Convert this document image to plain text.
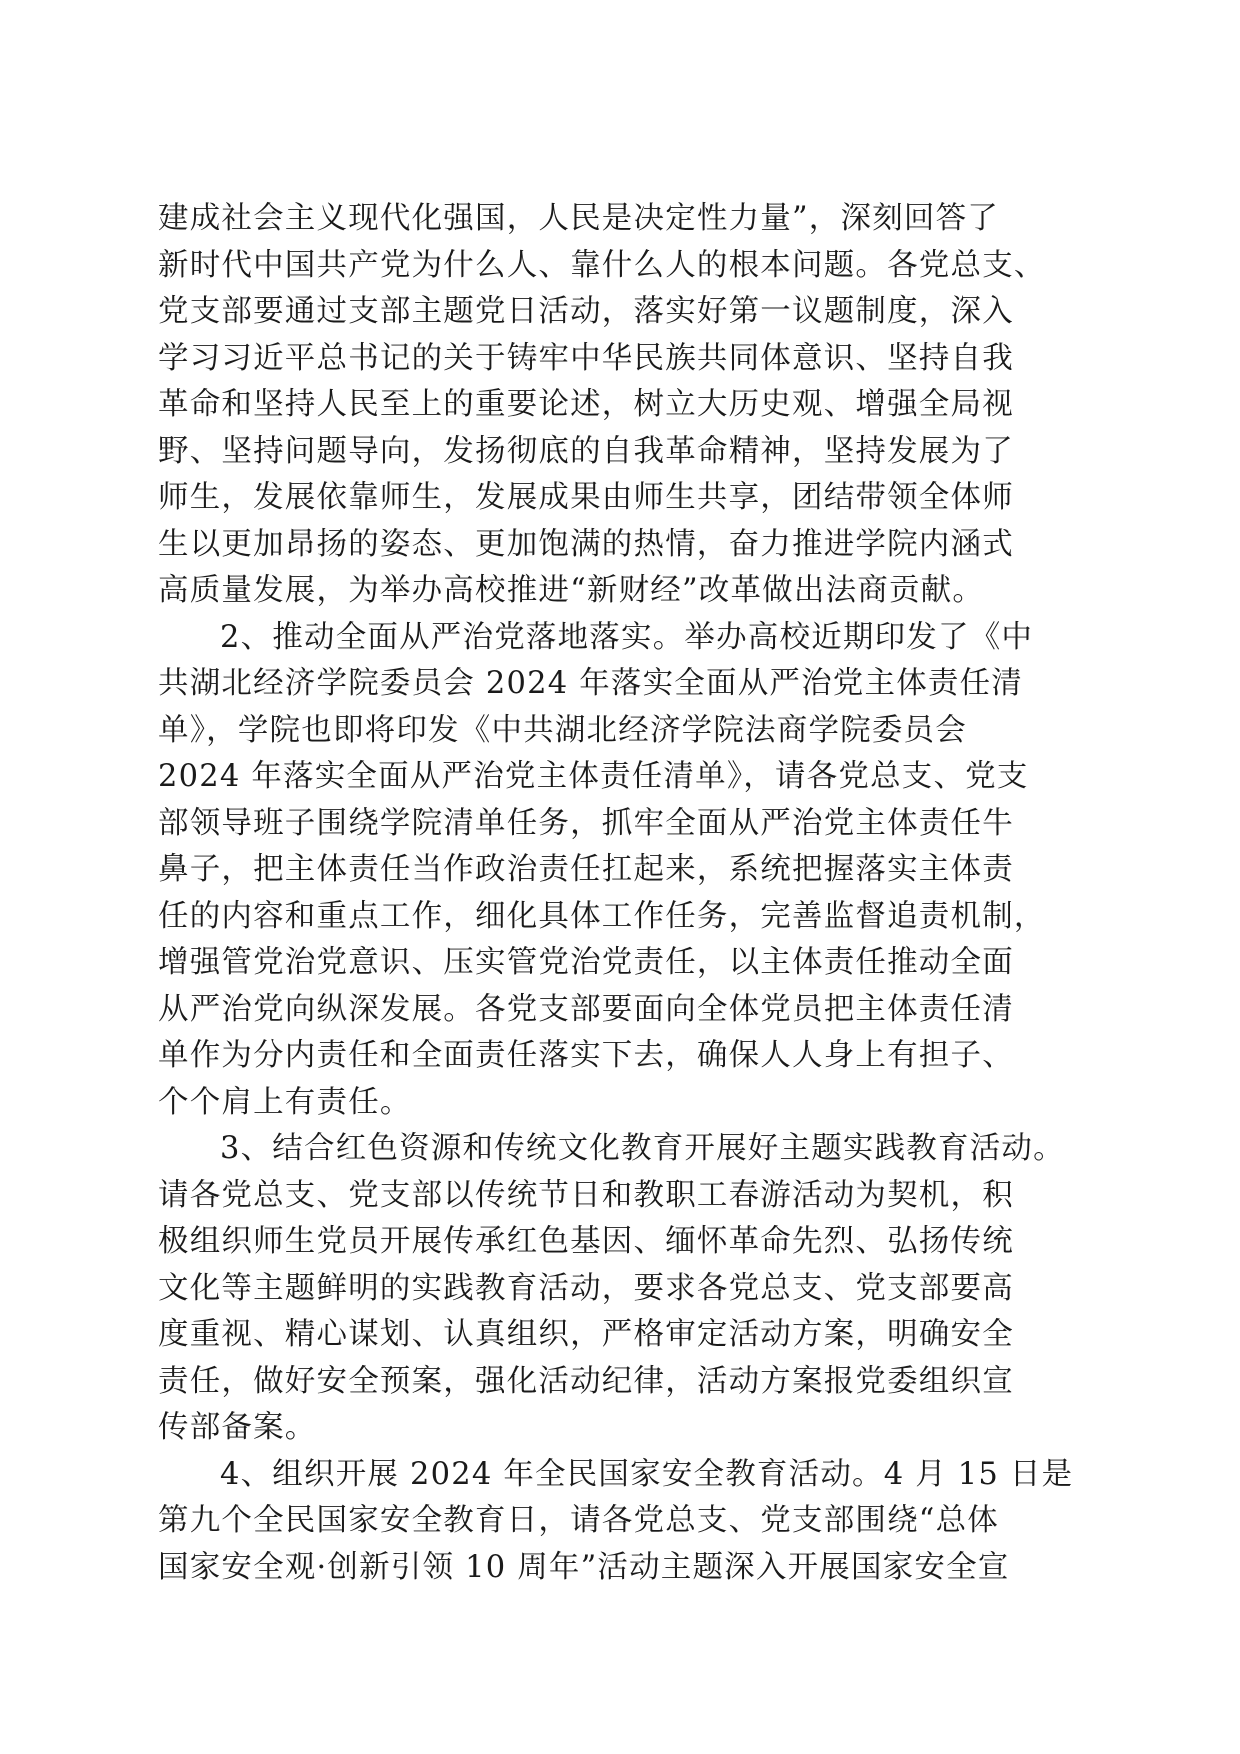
建成社会主义现代化强国，人民是决定性力量”，深刻回答了
新时代中国共产党为什么人、靠什么人的根本问题。各党总支、
党支部要通过支部主题党日活动，落实好第一议题制度，深入
学习习近平总书记的关于铸牢中华民族共同体意识、坚持自我
革命和坚持人民至上的重要论述，树立大历史观、增强全局视
野、坚持问题导向，发扬彻底的自我革命精神，坚持发展为了
师生，发展依靠师生，发展成果由师生共享，团结带领全体师
生以更加昂扬的姿态、更加饱满的热情，奋力推进学院内涵式
高质量发展，为举办高校推进“新财经”改革做出法商贡献。
2、推动全面从严治党落地落实。举办高校近期印发了《中
共湖北经济学院委员会 2024 年落实全面从严治党主体责任清
单》，学院也即将印发《中共湖北经济学院法商学院委员会
2024 年落实全面从严治党主体责任清单》，请各党总支、党支
部领导班子围绕学院清单任务，抓牢全面从严治党主体责任牛
鼻子，把主体责任当作政治责任扛起来，系统把握落实主体责
任的内容和重点工作，细化具体工作任务，完善监督追责机制，
增强管党治党意识、压实管党治党责任，以主体责任推动全面
从严治党向纵深发展。各党支部要面向全体党员把主体责任清
单作为分内责任和全面责任落实下去，确保人人身上有担子、
个个肩上有责任。
3、结合红色资源和传统文化教育开展好主题实践教育活动。
请各党总支、党支部以传统节日和教职工春游活动为契机，积
极组织师生党员开展传承红色基因、缅怀革命先烈、弘扬传统
文化等主题鲜明的实践教育活动，要求各党总支、党支部要高
度重视、精心谋划、认真组织，严格审定活动方案，明确安全
责任，做好安全预案，强化活动纪律，活动方案报党委组织宣
传部备案。
4、组织开展 2024 年全民国家安全教育活动。4 月 15 日是
第九个全民国家安全教育日，请各党总支、党支部围绕“总体
国家安全观·创新引领 10 周年”活动主题深入开展国家安全宣
